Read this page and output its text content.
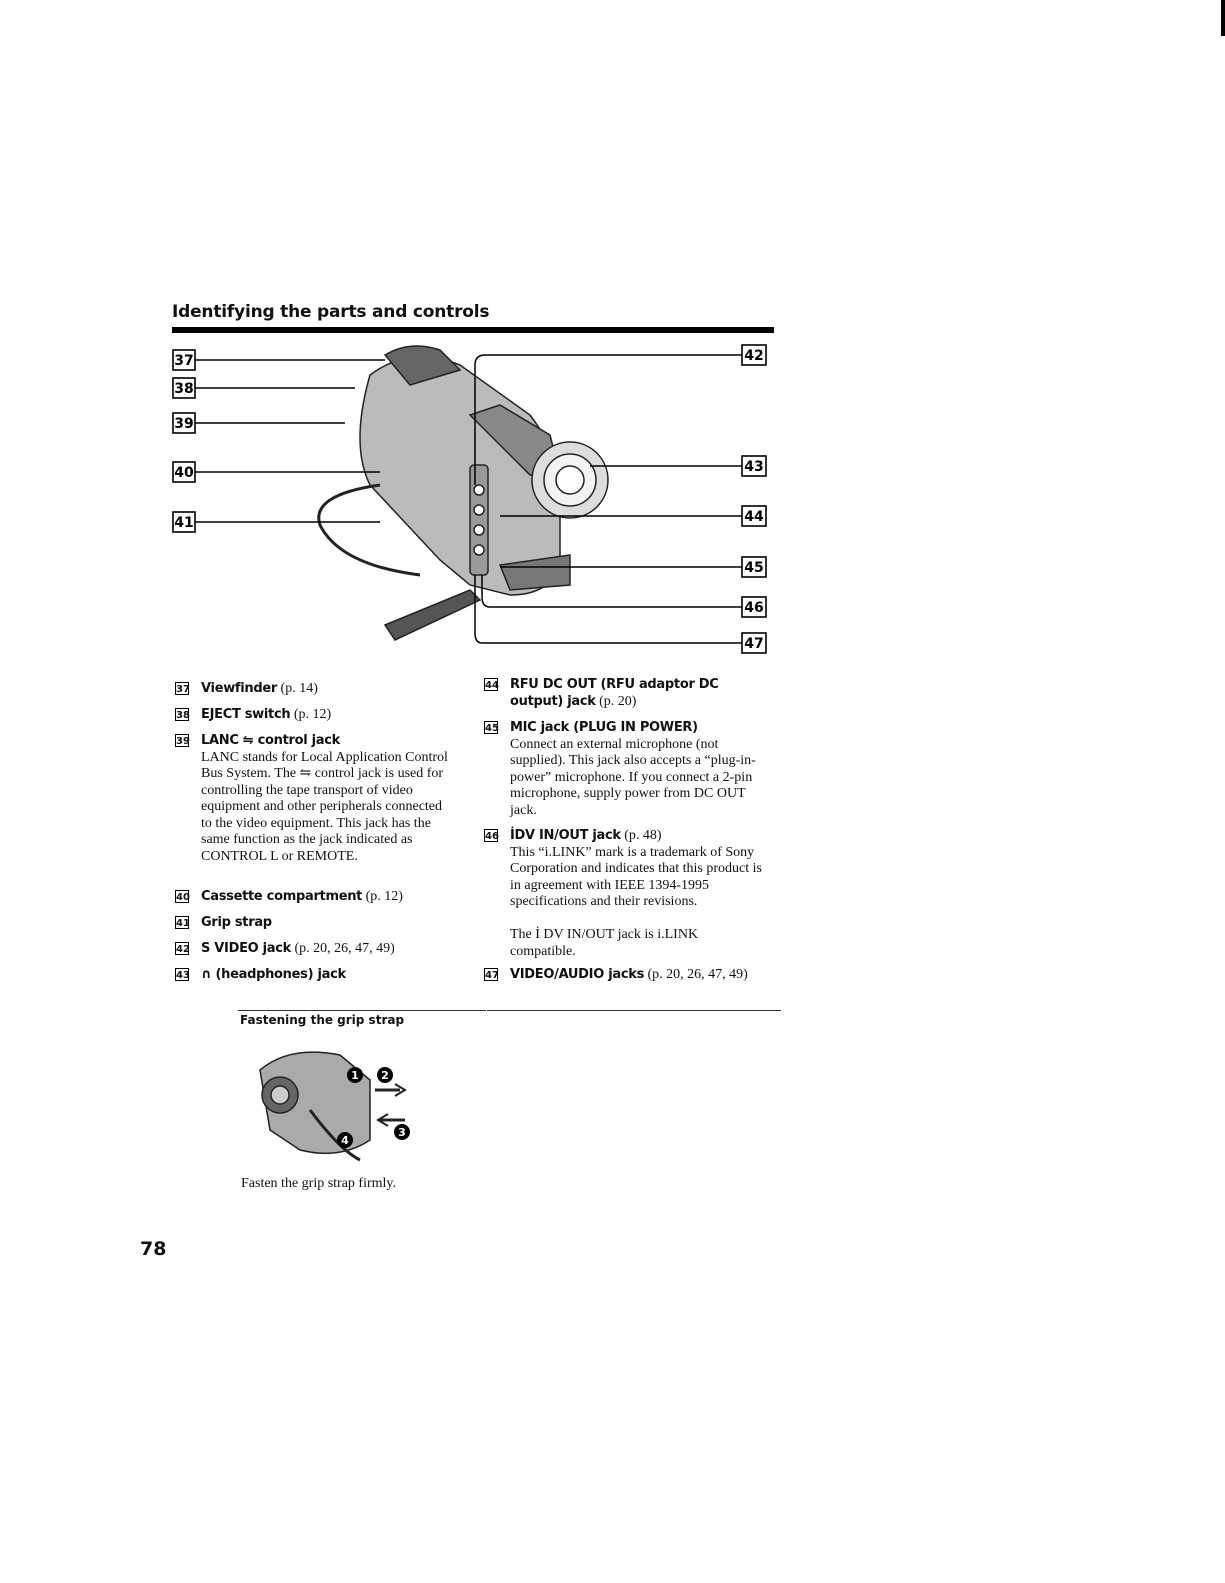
Identifying the parts and controls
37
38
39
40
41
42
43
44
45
46
47
37 Viewfinder (p. 14)
38 EJECT switch (p. 12)
39 LANC ⇋ control jack
LANC stands for Local Application Control Bus System. The ⇋ control jack is used for controlling the tape transport of video equipment and other peripherals connected to the video equipment. This jack has the same function as the jack indicated as CONTROL L or REMOTE.
40 Cassette compartment (p. 12)
41 Grip strap
42 S VIDEO jack (p. 20, 26, 47, 49)
43 ∩ (headphones) jack
44 RFU DC OUT (RFU adaptor DC output) jack (p. 20)
45 MIC jack (PLUG IN POWER)
Connect an external microphone (not supplied). This jack also accepts a “plug-in-power” microphone. If you connect a 2-pin microphone, supply power from DC OUT jack.
46 İDV IN/OUT jack (p. 48)
This “i.LINK” mark is a trademark of Sony Corporation and indicates that this product is in agreement with IEEE 1394-1995 specifications and their revisions.
The İ DV IN/OUT jack is i.LINK compatible.
47 VIDEO/AUDIO jacks (p. 20, 26, 47, 49)
Fastening the grip strap
1 2
3
4
Fasten the grip strap firmly.
78
